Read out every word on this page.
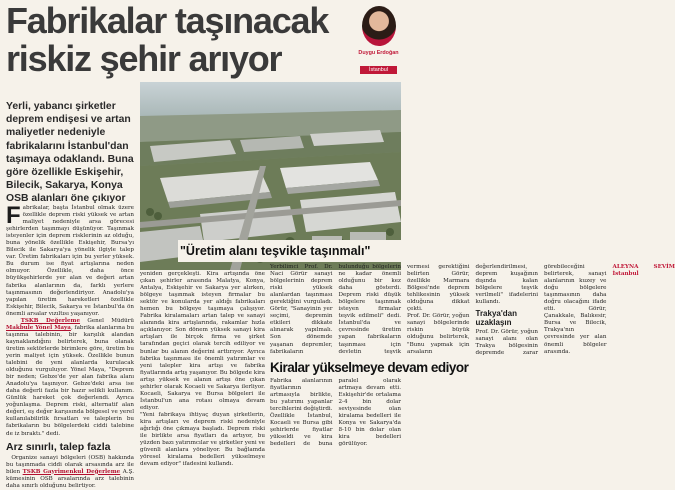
Fabrikalar taşınacak
riskiz şehir arıyor	Duygu Erdoğan
İstanbul
Yerli, yabancı şirketler deprem endişesi ve artan maliyetler nedeniyle fabrikalarını İstanbul'dan taşımaya odaklandı. Buna göre özellikle Eskişehir, Bilecik, Sakarya, Konya OSB alanları öne çıkıyor

Fabrikalar, başta İstanbul olmak üzere özellikle deprem riski yüksek ve artan maliyet nedeniyle arsa görecesi şehirlerden taşınmayı düşünüyor. Taşınmak isteyenler için deprem risklerinin az olduğu, buna yönelik özellikle Eskişehir, Bursa'yı Bilecik ile Sakarya'ya yönelik ilgiyle talep var. Üretim fabrikaları için bu yerler yüksek. Bu durum ise fiyat artışlarına neden olmuyor. Özellikle, daha önce büyükşehirlerde yer alan ve değeri artan fabrika alanlarının da, farklı yerlere taşınmasının değerlendiriyor. Anadolu'ya yapılan üretim hareketleri özellikle Eskişehir, Bilecik, Sakarya ve İstanbul'da ön önemli arsalar vızıltısı yaşanıyor.

TSKB Değerleme Genel Müdürü Makbule Yönel Maya, fabrika alanlarına bu taşınma talebinin, bir karşılık alandan kaynaklandığını belirterek, buna olanak üretim sektörlerde birimlere göre, üretim bu yerin maliyet için yüksek. Özellikle bunun talebini de yeni alanlarda kurulacak olduğunu vurguluyor. Yönel Maya, "Deprem bir neden; Gebze'de yer alan fabrika alanı Anadolu'ya taşınıyor. Gebze'deki arsa ise daha değerli fazla bir hazır selikli kullanım. Günlük hareket çok değerlendi. Ayrıca yoğunlaşma. Deprem riski, alternatif alan değeri, eş değer karşısında bölgesel ve yerel kullanılabilirlik fırsatları ve taleplerin bu fabrikaların bu bölgelerdeki ciddi talebine de iz bıraktı." dedi.

Arz sınırlı, talep fazla

Organize sanayi bölgeleri (OSB) hakkında bu taşınmada ciddi olarak arsasında arz ile bilen TSKB Gayrimenkul Değerleme A.Ş. kümesinin OSB arsalarında arz talebinin daha sınırlı olduğunu belirtiyor.

yeniden gerçekleşti. Kira artışında öne çıkan şehirler arasında Malatya, Konya, Antalya, Eskişehir ve Sakarya yer alırken, bölgeye taşınmak isteyen firmalar bu sektör ve konularda yer aldığı fabrikaları hemen bu bölgeye taşımaya çalışıyor. Fabrika kiralamaları artan talep ve sanayi alanında kira artışlarında, rakamlar hızla açıklanıyor. Son dönem yüksek sanayi kira artışları ile birçok firma ve şirket tarafından geçici olarak tercih ediliyor ve bunlar bu alanın değerini arttırıyor. Ayrıca fabrika taşınması ile önemli yatırımlar ve yeni talepler kira artışı ve fabrika fiyatlarında artış yaşanıyor. Bu bölgede kira artışı yüksek ve alanın artışı öne çıkan şehirler olarak Kocaeli ve Sakarya ilerliyor. Kocaeli, Sakarya ve Bursa bölgeleri ile İstanbul'un ana rotası olmaya devam ediyor.

"Yeni fabrikaya ihtiyaç duyan şirketlerin, kira artışları ve deprem riski nedeniyle ağırlığı öne çıkmaya başladı. Deprem riski ile birlikte arsa fiyatları da artıyor, bu yüzden bazı yatırımcılar ve şirketler yeni ve güvenli alanlara yöneliyor. Bu bağlamda yöresel kiralama bedelleri yükselmeye devam ediyor" ifadesini kullandı.

"Üretim alanı teşvikle taşınmalı"

Yerbilimci Prof. Dr. Naci Görür sanayi bölgelerinin deprem riski yüksek alanlardan taşınması gerektiğini vurguladı. Görür, "Sanayinin yer seçimi, depremin etkileri dikkate alınarak yapılmalı. Son dönemde yaşanan depremler, fabrikaların bulunduğu bölgelerin ne kadar önemli olduğunu bir kez daha gösterdi. Deprem riski düşük bölgelere taşınmak isteyen firmalar teşvik edilmeli" dedi. İstanbul'da ve çevresinde üretim yapan fabrikaların taşınması için devletin teşvik vermesi gerektiğini belirten Görür, özellikle Marmara Bölgesi'nde deprem tehlikesinin yüksek olduğuna dikkat çekti.

Prof. Dr. Görür, yoğun sanayi bölgelerinde riskin büyük olduğunu belirterek, "Bunu yapmak için arsaların değerlendirilmesi, deprem kuşağının dışında kalan bölgelere teşvik verilmeli" ifadelerini kullandı.

Trakya'dan uzaklaşın

Prof. Dr. Görür, yoğun sanayi alanı olan Trakya bölgesinin depremde zarar görebileceğini belirterek, sanayi alanlarının kuzey ve doğu bölgelere taşınmasının daha doğru olacağını ifade etti. Görür, Çanakkale, Balıkesir, Bursa ve Bilecik, Trakya'nın çevresinde yer alan önemli bölgeler arasında.

ALEYNA SEVİM İstanbul

Kiralar yükselmeye devam ediyor

Fabrika alanlarının fiyatlarının artmasıyla birlikte, bu yatırımı yapanlar tercihlerini değiştirdi. Özellikle İstanbul, Kocaeli ve Bursa gibi şehirlerde fiyatlar yükseldi ve kira bedelleri de buna paralel olarak artmaya devam etti. Eskişehir'de ortalama 2-4 bin dolar seviyesinde olan kiralama bedelleri ile Konya ve Sakarya'da 8-10 bin dolar olan kira bedelleri görülüyor.
